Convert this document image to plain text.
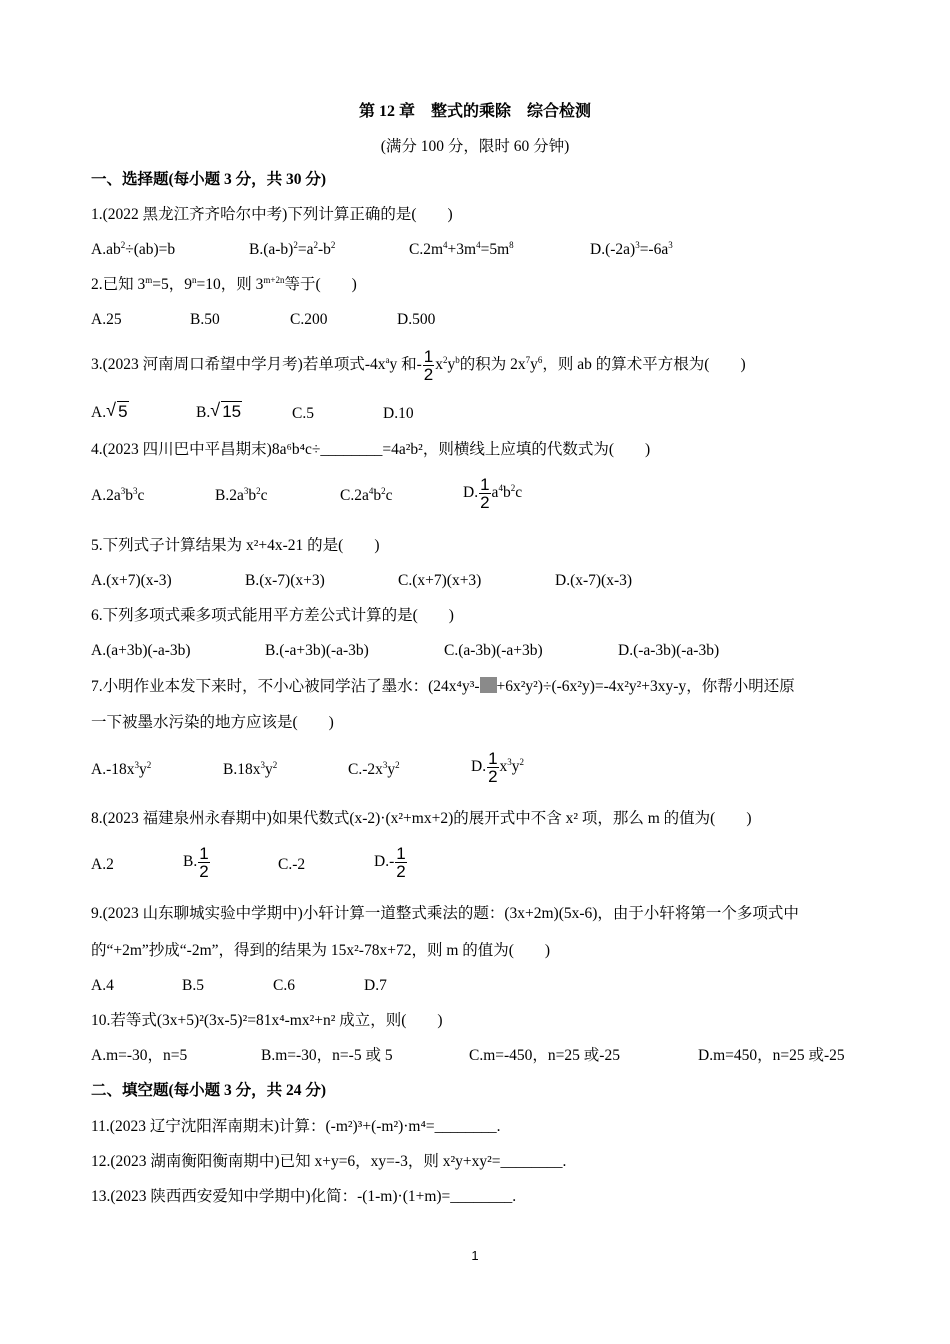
第 12 章　整式的乘除　综合检测
(满分 100 分，限时 60 分钟)
一、选择题(每小题 3 分，共 30 分)
1.(2022 黑龙江齐齐哈尔中考)下列计算正确的是(　　)
$A.ab^2\div(ab)=b$	$B.(a-b)^2=a^2-b^2$	$C.2m^4+3m^4=5m^8$	$D.(-2a)^3=-6a^3$
2.已知 $3^m=5$，$9^n=10$，则 $3^{m+2n}$等于(　　)
A.25	B.50	C.200	D.500
3.(2023 河南周口希望中学月考)若单项式$-4x^ay$ 和- $\frac{1}{2} x^2y^b$的积为 $2x^7y^6$，则 ab 的算术平方根为(　　)
A. √ 5	B. √ 15	C.5	D.10
4.(2023 四川巴中平昌期末)8a⁶b⁴c÷________=4a²b²，则横线上应填的代数式为(　　)
$A.2a^3b^3c$	$B.2a^3b^2c$	$C.2a^4b^2c$	D. $\frac{1}{2} a^4b^2c$
5.下列式子计算结果为 x²+4x-21 的是(　　)
A.(x+7)(x-3)	B.(x-7)(x+3)	C.(x+7)(x+3)	D.(x-7)(x-3)
6.下列多项式乘多项式能用平方差公式计算的是(　　)
A.(a+3b)(-a-3b)	B.(-a+3b)(-a-3b)	C.(a-3b)(-a+3b)	D.(-a-3b)(-a-3b)
7.小明作业本发下来时，不小心被同学沾了墨水：(24x⁴y³- +6x²y²)÷(-6x²y)=-4x²y²+3xy-y，你帮小明还原
一下被墨水污染的地方应该是(　　)
$A.-18x^3y^2$	$B.18x^3y^2$	$C.-2x^3y^2$	D. $\frac{1}{2} x^3y^2$
8.(2023 福建泉州永春期中)如果代数式(x-2)·(x²+mx+2)的展开式中不含 x² 项，那么 m 的值为(　　)
A.2	B. $\frac{1}{2}$	C.-2	$D.- \frac{1}{2}$
9.(2023 山东聊城实验中学期中)小轩计算一道整式乘法的题：(3x+2m)(5x-6)，由于小轩将第一个多项式中
的“+2m”抄成“-2m”，得到的结果为 15x²-78x+72，则 m 的值为(　　)
A.4	B.5	C.6	D.7
10.若等式(3x+5)²(3x-5)²=81x⁴-mx²+n² 成立，则(　　)
A.m=-30，n=5	B.m=-30，n=-5 或 5	C.m=-450，n=25 或-25	D.m=450，n=25 或-25
二、填空题(每小题 3 分，共 24 分)
11.(2023 辽宁沈阳浑南期末)计算：(-m²)³+(-m²)·m⁴=________.
12.(2023 湖南衡阳衡南期中)已知 x+y=6，xy=-3，则 x²y+xy²=________.
13.(2023 陕西西安爱知中学期中)化简：-(1-m)·(1+m)=________.
1
